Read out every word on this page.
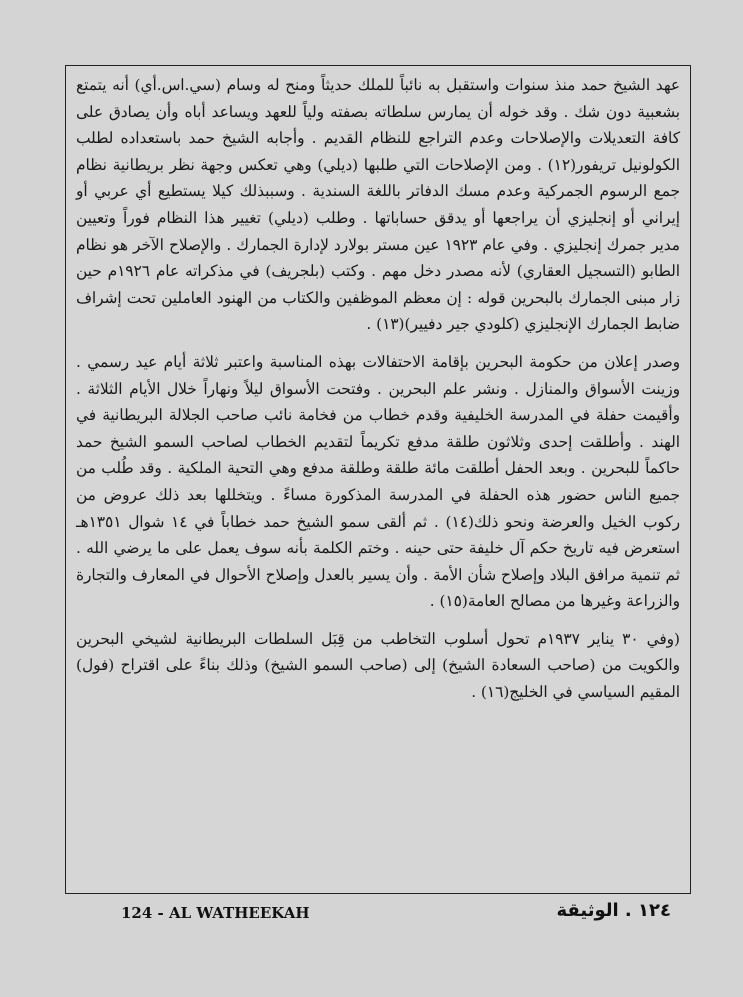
عهد الشيخ حمد منذ سنوات واستقبل به نائباً للملك حديثاً ومنح له وسام (سي.اس.أي) أنه يتمتع بشعبية دون شك . وقد خوله أن يمارس سلطاته بصفته ولياً للعهد ويساعد أباه وأن يصادق على كافة التعديلات والإصلاحات وعدم التراجع للنظام القديم . وأجابه الشيخ حمد باستعداده لطلب الكولونيل تريفور(١٢) . ومن الإصلاحات التي طلبها (ديلي) وهي تعكس وجهة نظر بريطانية نظام جمع الرسوم الجمركية وعدم مسك الدفاتر باللغة السندية . وسببذلك كيلا يستطيع أي عربي أو إيراني أو إنجليزي أن يراجعها أو يدقق حساباتها . وطلب (ديلي) تغيير هذا النظام فوراً وتعيين مدير جمرك إنجليزي . وفي عام ١٩٢٣ عين مستر بولارد لإدارة الجمارك . والإصلاح الآخر هو نظام الطابو (التسجيل العقاري) لأنه مصدر دخل مهم . وكتب (بلجريف) في مذكراته عام ١٩٢٦م حين زار مبنى الجمارك بالبحرين قوله : إن معظم الموظفين والكتاب من الهنود العاملين تحت إشراف ضابط الجمارك الإنجليزي (كلودي جير دفيير)(١٣) .

وصدر إعلان من حكومة البحرين بإقامة الاحتفالات بهذه المناسبة واعتبر ثلاثة أيام عيد رسمي . وزينت الأسواق والمنازل . ونشر علم البحرين . وفتحت الأسواق ليلاً ونهاراً خلال الأيام الثلاثة . وأقيمت حفلة في المدرسة الخليفية وقدم خطاب من فخامة نائب صاحب الجلالة البريطانية في الهند . وأطلقت إحدى وثلاثون طلقة مدفع تكريماً لتقديم الخطاب لصاحب السمو الشيخ حمد حاكماً للبحرين . وبعد الحفل أطلقت مائة طلقة وطلقة مدفع وهي التحية الملكية . وقد طُلب من جميع الناس حضور هذه الحفلة في المدرسة المذكورة مساءً . ويتخللها بعد ذلك عروض من ركوب الخيل والعرضة ونحو ذلك(١٤) . ثم ألقى سمو الشيخ حمد خطاباً في ١٤ شوال ١٣٥١هـ استعرض فيه تاريخ حكم آل خليفة حتى حينه . وختم الكلمة بأنه سوف يعمل على ما يرضي الله . ثم تنمية مرافق البلاد وإصلاح شأن الأمة . وأن يسير بالعدل وإصلاح الأحوال في المعارف والتجارة والزراعة وغيرها من مصالح العامة(١٥) .

(وفي ٣٠ يناير ١٩٣٧م تحول أسلوب التخاطب من قِبَل السلطات البريطانية لشيخي البحرين والكويت من (صاحب السعادة الشيخ) إلى (صاحب السمو الشيخ) وذلك بناءً على اقتراح (فول) المقيم السياسي في الخليج(١٦) .

124 - AL WATHEEKAH	١٢٤ . الوثيقة
